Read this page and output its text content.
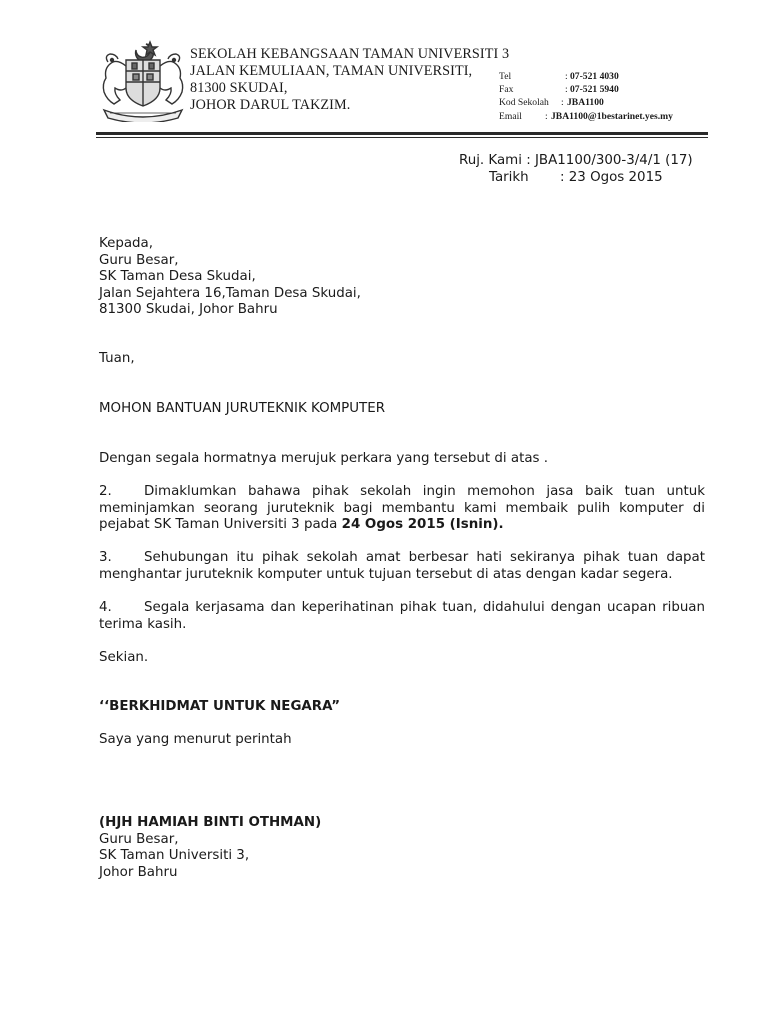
SEKOLAH KEBANGSAAN TAMAN UNIVERSITI 3
JALAN KEMULIAAN, TAMAN UNIVERSITI,
81300 SKUDAI,
JOHOR DARUL TAKZIM.
Tel	: 07-521 4030
Fax	: 07-521 5940
Kod Sekolah : JBA1100
Email : JBA1100@1bestarinet.yes.my
Ruj. Kami : JBA1100/300-3/4/1 (17)
Tarikh : 23 Ogos 2015
Kepada,
Guru Besar,
SK Taman Desa Skudai,
Jalan Sejahtera 16,Taman Desa Skudai,
81300 Skudai, Johor Bahru
Tuan,
MOHON BANTUAN JURUTEKNIK KOMPUTER
Dengan segala hormatnya merujuk perkara yang tersebut di atas .
2. Dimaklumkan bahawa pihak sekolah ingin memohon jasa baik tuan untuk meminjamkan seorang juruteknik bagi membantu kami membaik pulih komputer di pejabat SK Taman Universiti 3 pada 24 Ogos 2015 (Isnin).
3. Sehubungan itu pihak sekolah amat berbesar hati sekiranya pihak tuan dapat menghantar juruteknik komputer untuk tujuan tersebut di atas dengan kadar segera.
4. Segala kerjasama dan keperihatinan pihak tuan, didahului dengan ucapan ribuan terima kasih.
Sekian.
‘‘BERKHIDMAT UNTUK NEGARA”
Saya yang menurut perintah
(HJH HAMIAH BINTI OTHMAN)
Guru Besar,
SK Taman Universiti 3,
Johor Bahru
